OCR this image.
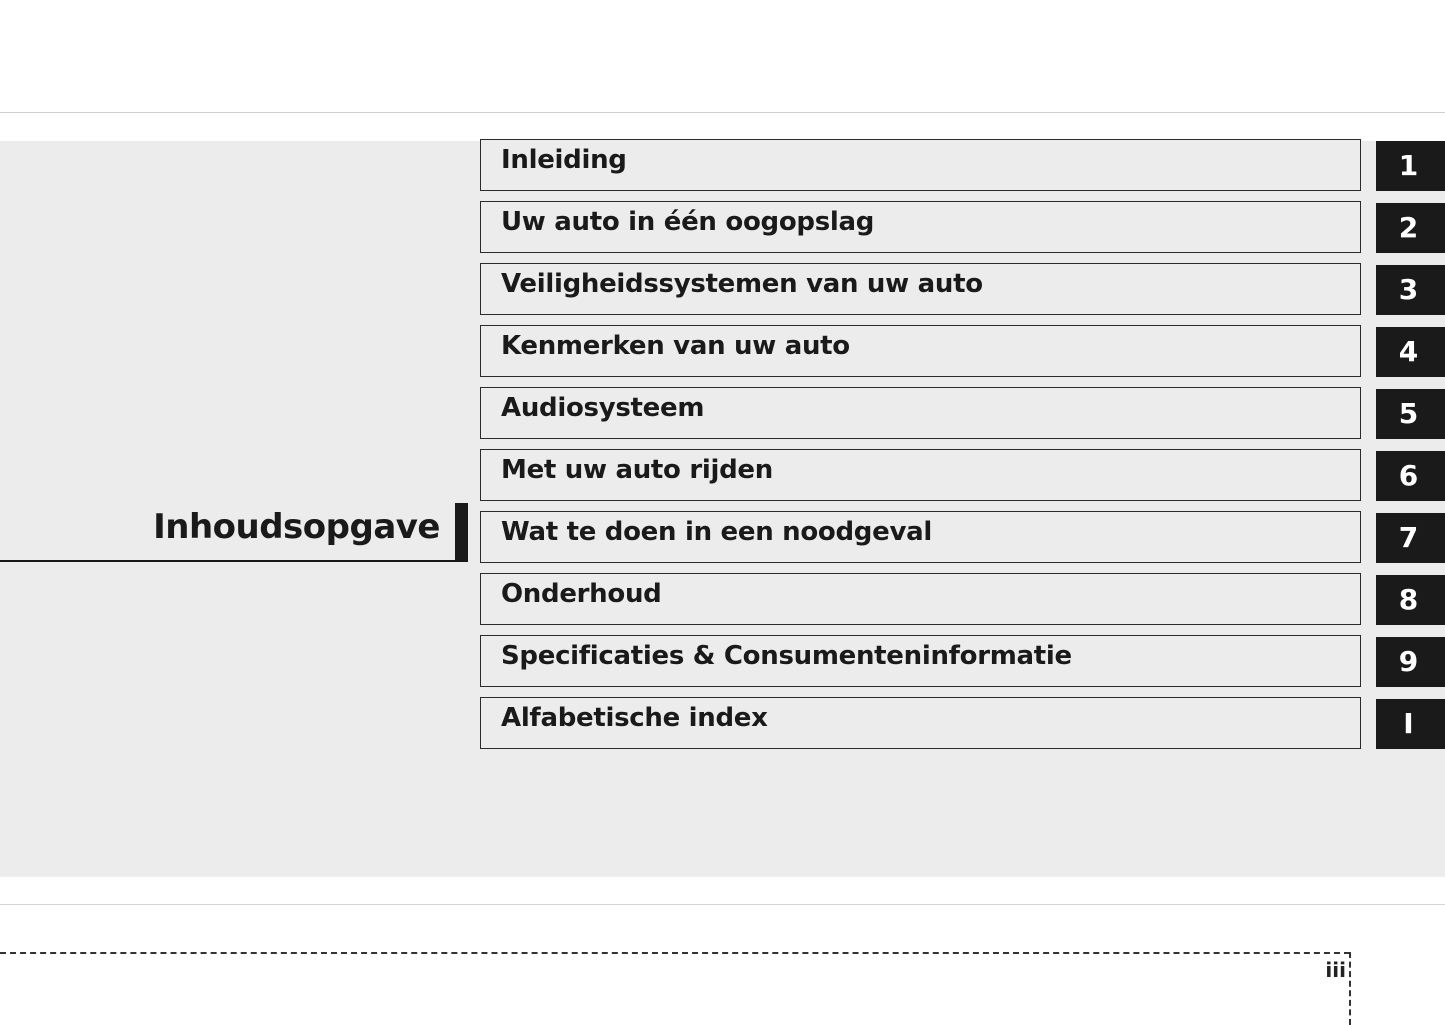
Inhoudsopgave
Inleiding	1
Uw auto in één oogopslag	2
Veiligheidssystemen van uw auto	3
Kenmerken van uw auto	4
Audiosysteem	5
Met uw auto rijden	6
Wat te doen in een noodgeval	7
Onderhoud	8
Specificaties & Consumenteninformatie	9
Alfabetische index	I
iii
